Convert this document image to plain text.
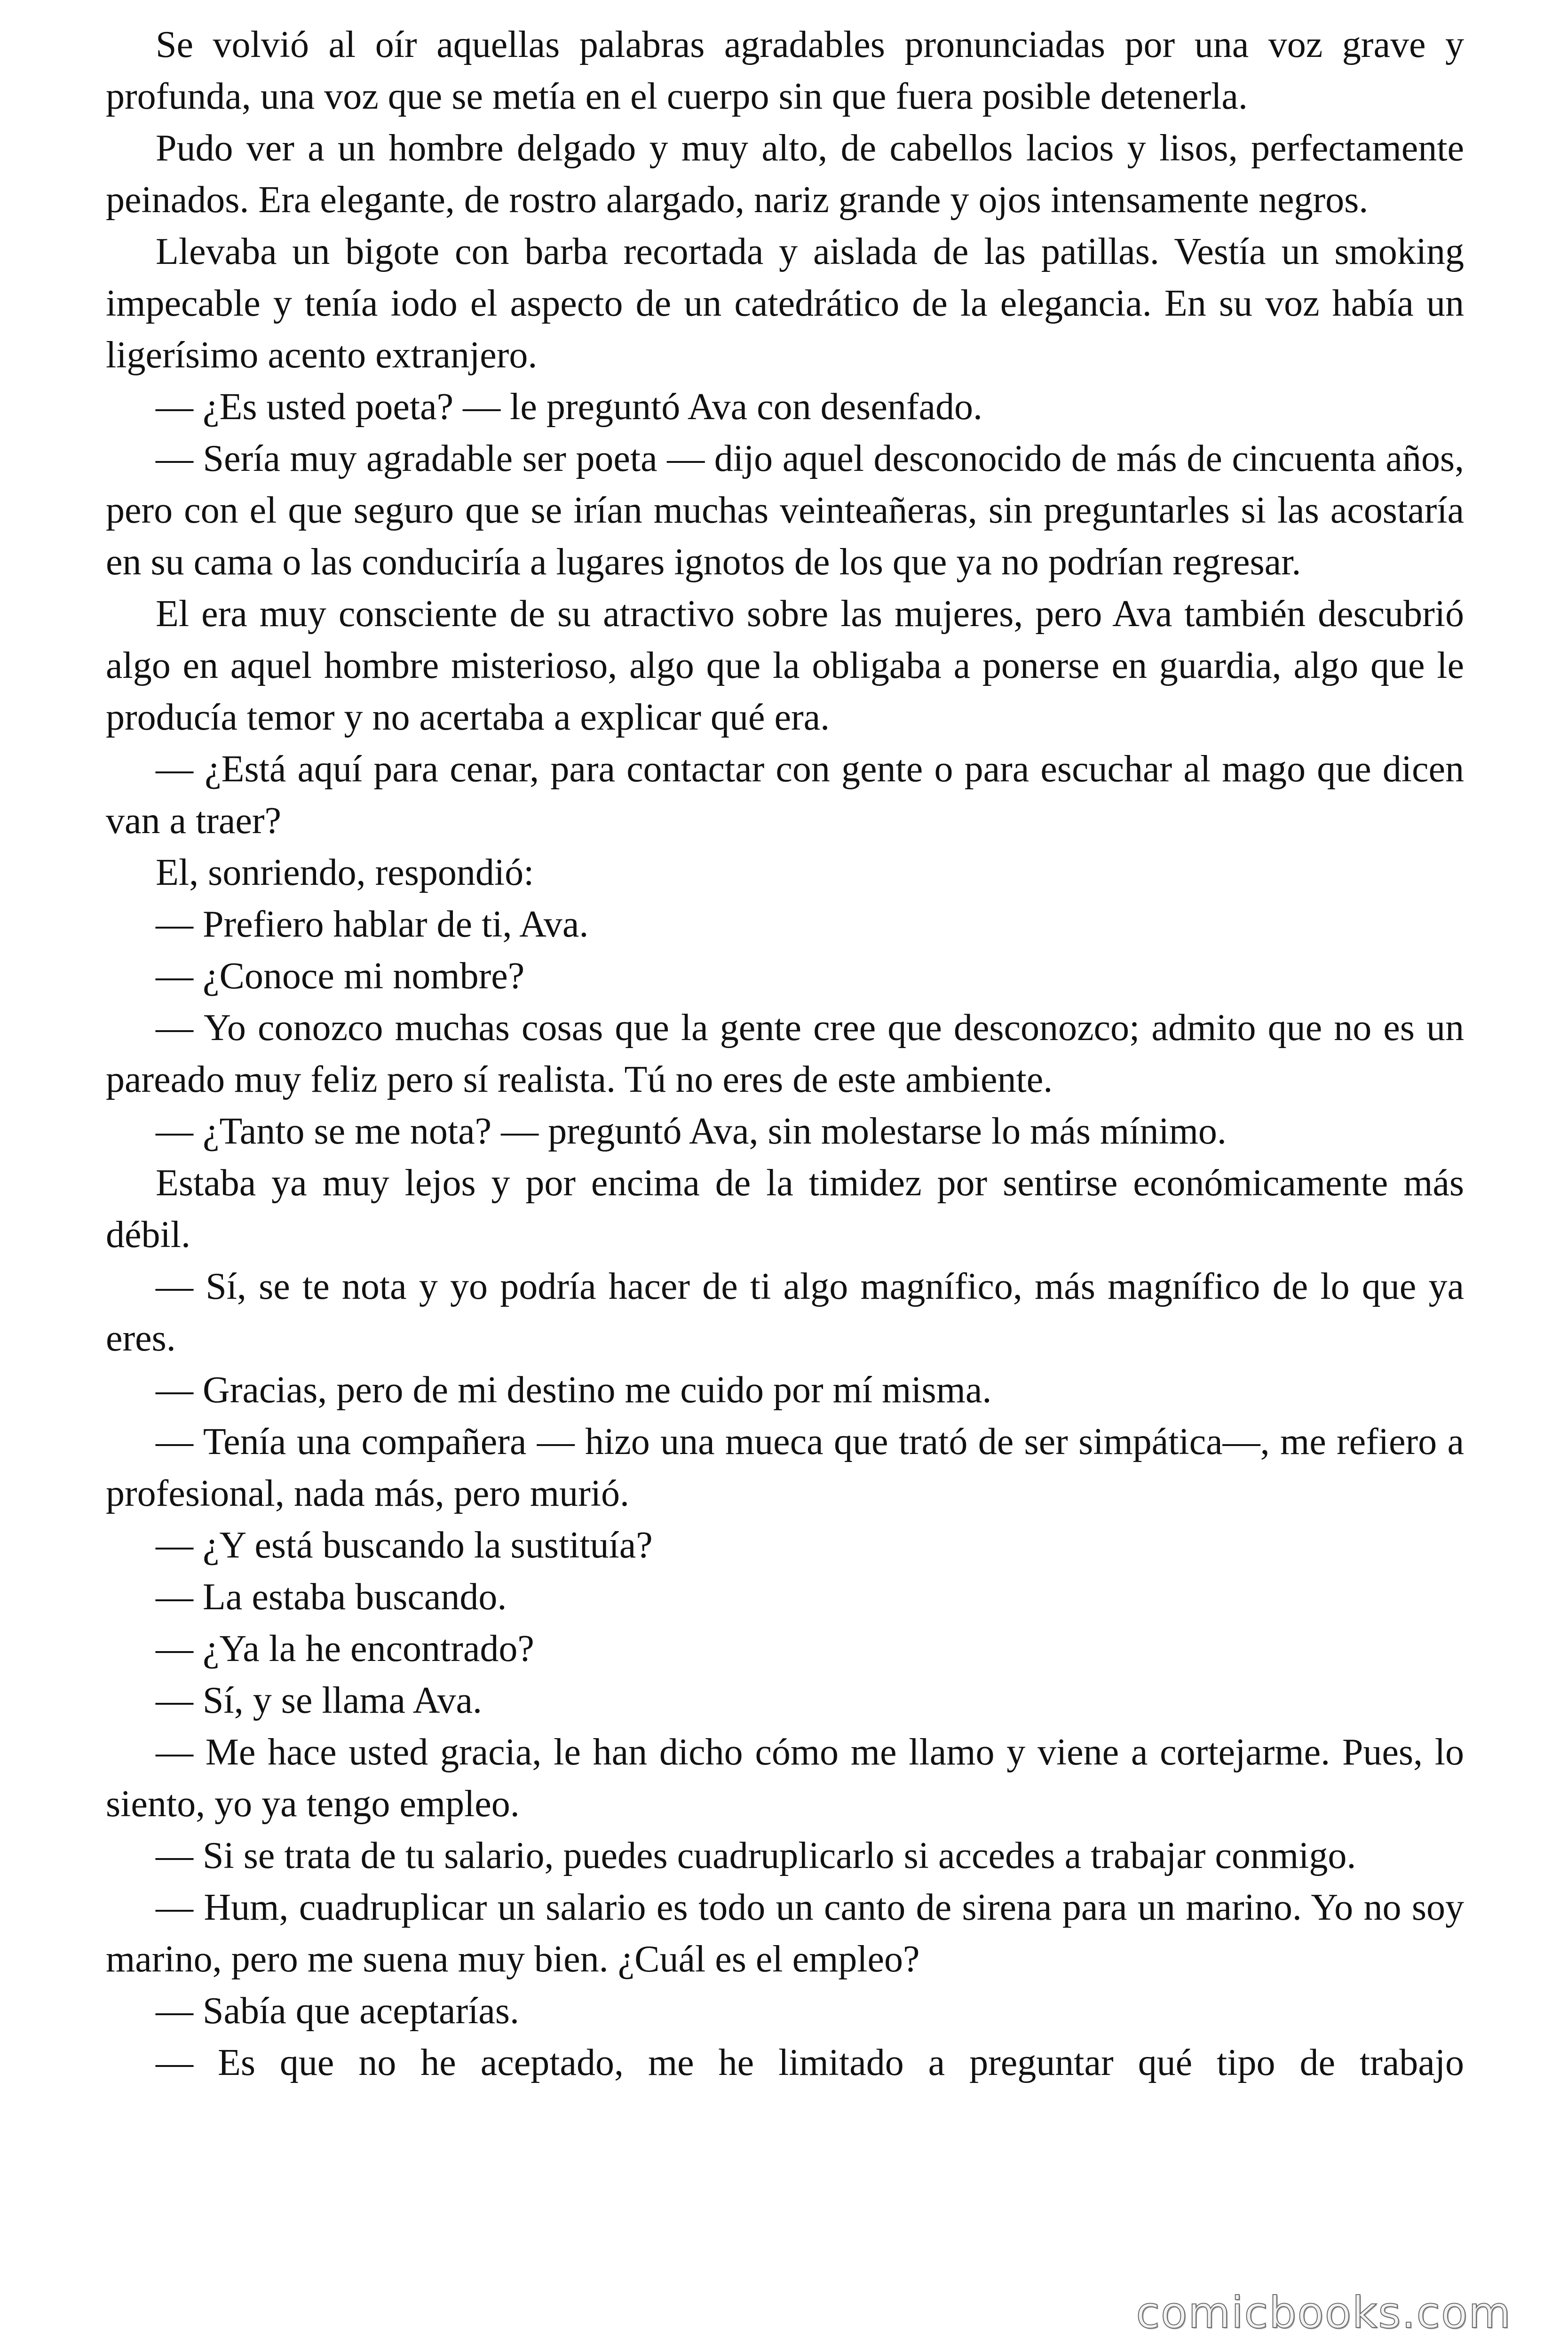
Se volvió al oír aquellas palabras agradables pronunciadas por una voz grave y profunda, una voz que se metía en el cuerpo sin que fuera posible detenerla.

Pudo ver a un hombre delgado y muy alto, de cabellos lacios y lisos, perfectamente peinados. Era elegante, de rostro alargado, nariz grande y ojos intensamente negros.

Llevaba un bigote con barba recortada y aislada de las patillas. Vestía un smoking impecable y tenía iodo el aspecto de un catedrático de la elegancia. En su voz había un ligerísimo acento extranjero.

— ¿Es usted poeta? — le preguntó Ava con desenfado.

— Sería muy agradable ser poeta — dijo aquel desconocido de más de cincuenta años, pero con el que seguro que se irían muchas veinteañeras, sin preguntarles si las acostaría en su cama o las conduciría a lugares ignotos de los que ya no podrían regresar.

El era muy consciente de su atractivo sobre las mujeres, pero Ava también descubrió algo en aquel hombre misterioso, algo que la obligaba a ponerse en guardia, algo que le producía temor y no acertaba a explicar qué era.

— ¿Está aquí para cenar, para contactar con gente o para escuchar al mago que dicen van a traer?

El, sonriendo, respondió:

— Prefiero hablar de ti, Ava.

— ¿Conoce mi nombre?

— Yo conozco muchas cosas que la gente cree que desconozco; admito que no es un pareado muy feliz pero sí realista. Tú no eres de este ambiente.

— ¿Tanto se me nota? — preguntó Ava, sin molestarse lo más mínimo.

Estaba ya muy lejos y por encima de la timidez por sentirse económicamente más débil.

— Sí, se te nota y yo podría hacer de ti algo magnífico, más magnífico de lo que ya eres.

— Gracias, pero de mi destino me cuido por mí misma.

— Tenía una compañera — hizo una mueca que trató de ser simpática—, me refiero a profesional, nada más, pero murió.

— ¿Y está buscando la sustituía?

— La estaba buscando.

— ¿Ya la he encontrado?

— Sí, y se llama Ava.

— Me hace usted gracia, le han dicho cómo me llamo y viene a cortejarme. Pues, lo siento, yo ya tengo empleo.

— Si se trata de tu salario, puedes cuadruplicarlo si accedes a trabajar conmigo.

— Hum, cuadruplicar un salario es todo un canto de sirena para un marino. Yo no soy marino, pero me suena muy bien. ¿Cuál es el empleo?

— Sabía que aceptarías.

— Es que no he aceptado, me he limitado a preguntar qué tipo de trabajo

comicbooks.com
